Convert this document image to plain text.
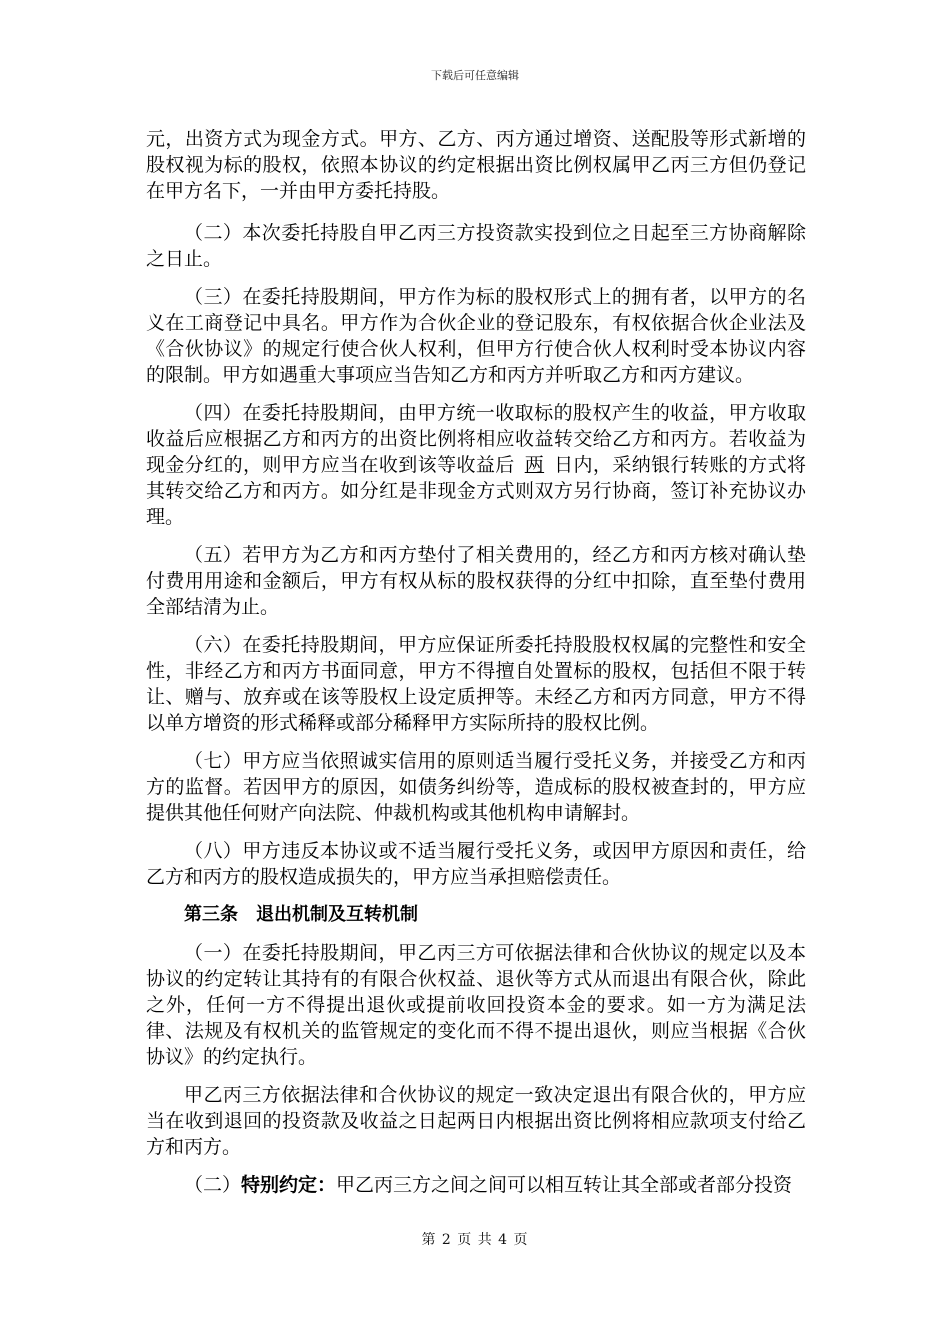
下载后可任意编辑

元，出资方式为现金方式。甲方、乙方、丙方通过增资、送配股等形式新增的股权视为标的股权，依照本协议的约定根据出资比例权属甲乙丙三方但仍登记在甲方名下，一并由甲方委托持股。

（二）本次委托持股自甲乙丙三方投资款实投到位之日起至三方协商解除之日止。

（三）在委托持股期间，甲方作为标的股权形式上的拥有者，以甲方的名义在工商登记中具名。甲方作为合伙企业的登记股东，有权依据合伙企业法及《合伙协议》的规定行使合伙人权利，但甲方行使合伙人权利时受本协议内容的限制。甲方如遇重大事项应当告知乙方和丙方并听取乙方和丙方建议。

（四）在委托持股期间，由甲方统一收取标的股权产生的收益，甲方收取收益后应根据乙方和丙方的出资比例将相应收益转交给乙方和丙方。若收益为现金分红的，则甲方应当在收到该等收益后 两 日内，采纳银行转账的方式将其转交给乙方和丙方。如分红是非现金方式则双方另行协商，签订补充协议办理。

（五）若甲方为乙方和丙方垫付了相关费用的，经乙方和丙方核对确认垫付费用用途和金额后，甲方有权从标的股权获得的分红中扣除，直至垫付费用全部结清为止。

（六）在委托持股期间，甲方应保证所委托持股股权权属的完整性和安全性，非经乙方和丙方书面同意，甲方不得擅自处置标的股权，包括但不限于转让、赠与、放弃或在该等股权上设定质押等。未经乙方和丙方同意，甲方不得以单方增资的形式稀释或部分稀释甲方实际所持的股权比例。

（七）甲方应当依照诚实信用的原则适当履行受托义务，并接受乙方和丙方的监督。若因甲方的原因，如债务纠纷等，造成标的股权被查封的，甲方应提供其他任何财产向法院、仲裁机构或其他机构申请解封。

（八）甲方违反本协议或不适当履行受托义务，或因甲方原因和责任，给乙方和丙方的股权造成损失的，甲方应当承担赔偿责任。

第三条 退出机制及互转机制

（一）在委托持股期间，甲乙丙三方可依据法律和合伙协议的规定以及本协议的约定转让其持有的有限合伙权益、退伙等方式从而退出有限合伙，除此之外，任何一方不得提出退伙或提前收回投资本金的要求。如一方为满足法律、法规及有权机关的监管规定的变化而不得不提出退伙，则应当根据《合伙协议》的约定执行。

甲乙丙三方依据法律和合伙协议的规定一致决定退出有限合伙的，甲方应当在收到退回的投资款及收益之日起两日内根据出资比例将相应款项支付给乙方和丙方。

（二）特别约定：甲乙丙三方之间之间可以相互转让其全部或者部分投资

第 2 页 共 4 页
